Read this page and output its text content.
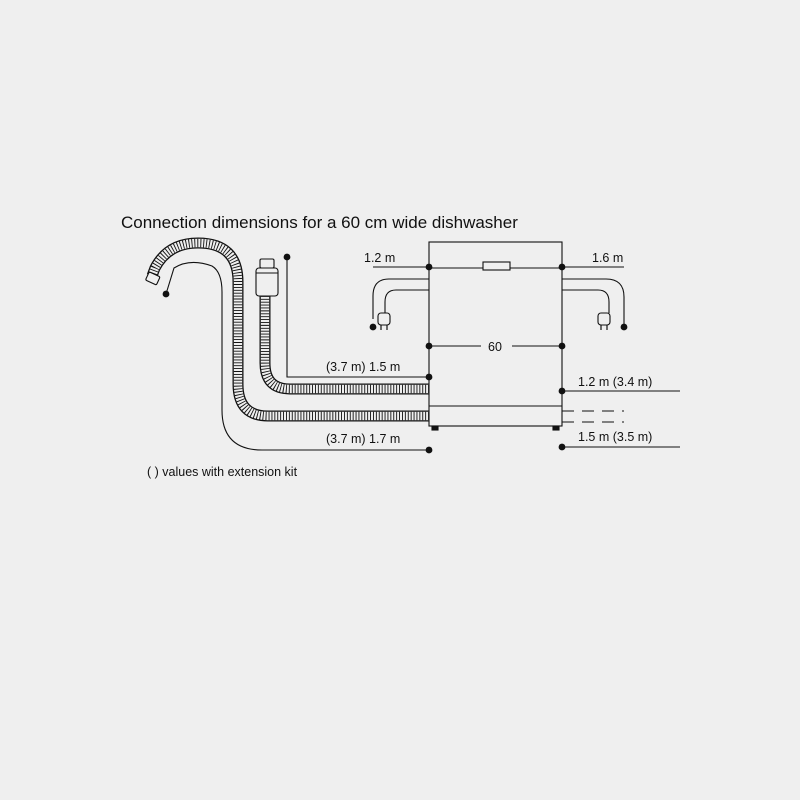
Connection dimensions for a 60 cm wide dishwasher
1.2 m	1.6 m
60
(3.7 m) 1.5 m
(3.7 m) 1.7 m
1.2 m (3.4 m)
1.5 m (3.5 m)
( ) values with extension kit
